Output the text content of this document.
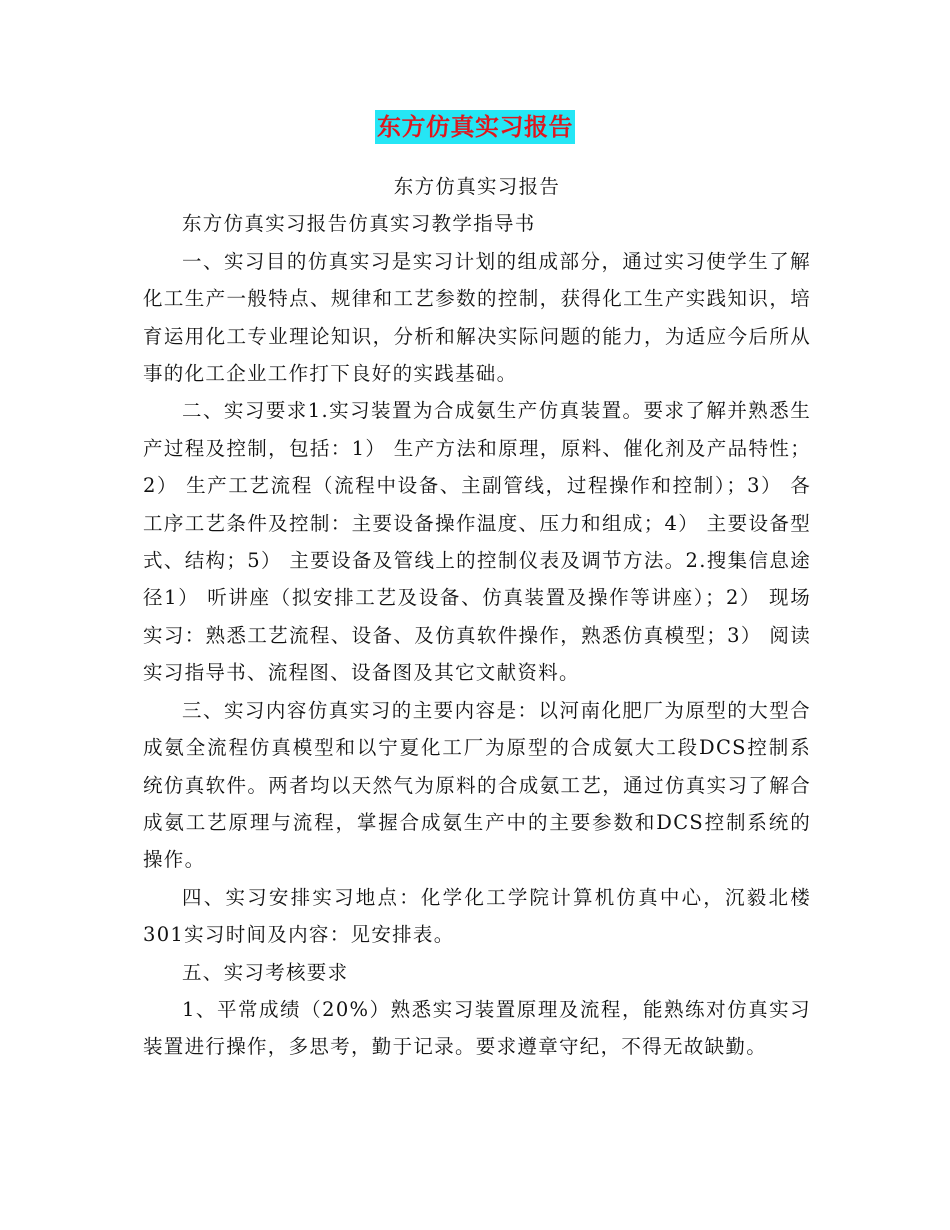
东方仿真实习报告

东方仿真实习报告

东方仿真实习报告仿真实习教学指导书

一、实习目的仿真实习是实习计划的组成部分，通过实习使学生了解化工生产一般特点、规律和工艺参数的控制，获得化工生产实践知识，培育运用化工专业理论知识，分析和解决实际问题的能力，为适应今后所从事的化工企业工作打下良好的实践基础。

二、实习要求1.实习装置为合成氨生产仿真装置。要求了解并熟悉生产过程及控制，包括：1） 生产方法和原理，原料、催化剂及产品特性；2） 生产工艺流程（流程中设备、主副管线，过程操作和控制）；3） 各工序工艺条件及控制：主要设备操作温度、压力和组成；4） 主要设备型式、结构；5） 主要设备及管线上的控制仪表及调节方法。2.搜集信息途径1） 听讲座（拟安排工艺及设备、仿真装置及操作等讲座）；2） 现场实习：熟悉工艺流程、设备、及仿真软件操作，熟悉仿真模型；3） 阅读实习指导书、流程图、设备图及其它文献资料。

三、实习内容仿真实习的主要内容是：以河南化肥厂为原型的大型合成氨全流程仿真模型和以宁夏化工厂为原型的合成氨大工段DCS控制系统仿真软件。两者均以天然气为原料的合成氨工艺，通过仿真实习了解合成氨工艺原理与流程，掌握合成氨生产中的主要参数和DCS控制系统的操作。

四、实习安排实习地点：化学化工学院计算机仿真中心，沉毅北楼301实习时间及内容：见安排表。

五、实习考核要求

1、平常成绩（20%）熟悉实习装置原理及流程，能熟练对仿真实习装置进行操作，多思考，勤于记录。要求遵章守纪，不得无故缺勤。
